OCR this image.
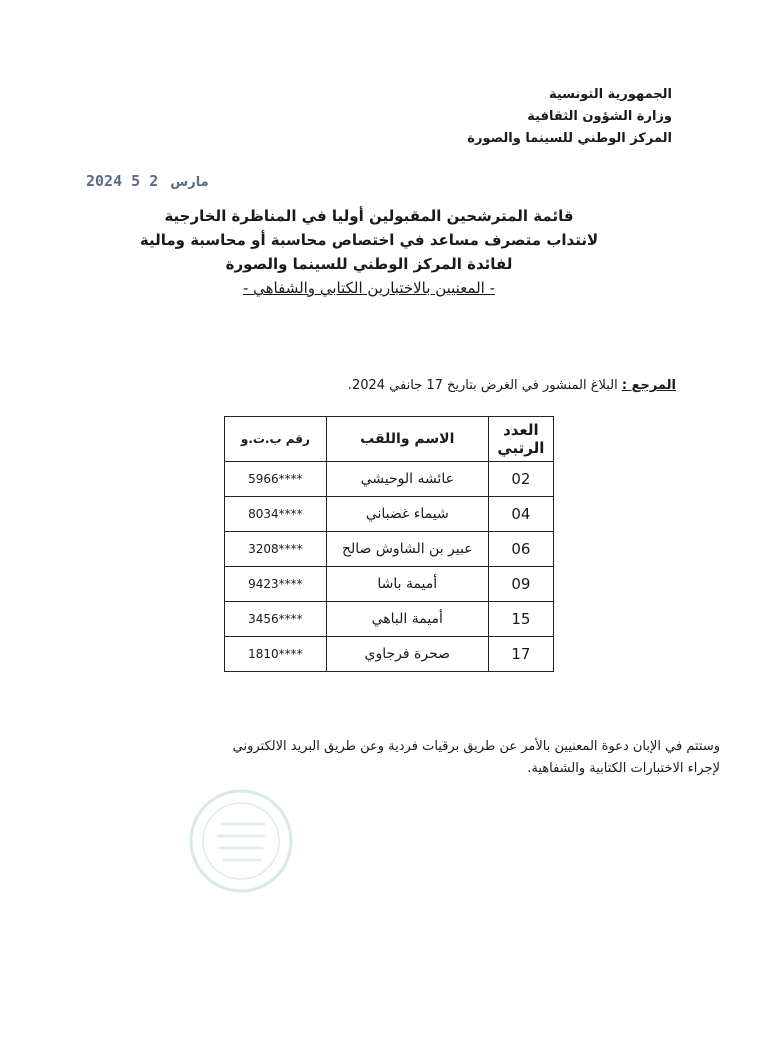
الجمهورية التونسية
وزارة الشؤون الثقافية
المركز الوطني للسينما والصورة
2024	مارس 2 5
قائمة المترشحين المقبولين أوليا في المناظرة الخارجية
لانتداب متصرف مساعد في اختصاص محاسبة أو محاسبة ومالية
لفائدة المركز الوطني للسينما والصورة
- المعنيين بالاختبارين الكتابي والشفاهي -
المرجع : البلاغ المنشور في الغرض بتاريخ 17 جانفي 2024.
العدد الرتبي	الاسم واللقب	رقم ب.ت.و
02	عائشه الوحيشي	5966****
04	شيماء غضباني	8034****
06	عبير بن الشاوش صالح	3208****
09	أميمة باشا	9423****
15	أميمة الباهي	3456****
17	صحرة فرجاوي	1810****
وستتم في الإبان دعوة المعنيين بالأمر عن طريق برقيات فردية وعن طريق البريد الالكتروني
لإجراء الاختبارات الكتابية والشفاهية.
